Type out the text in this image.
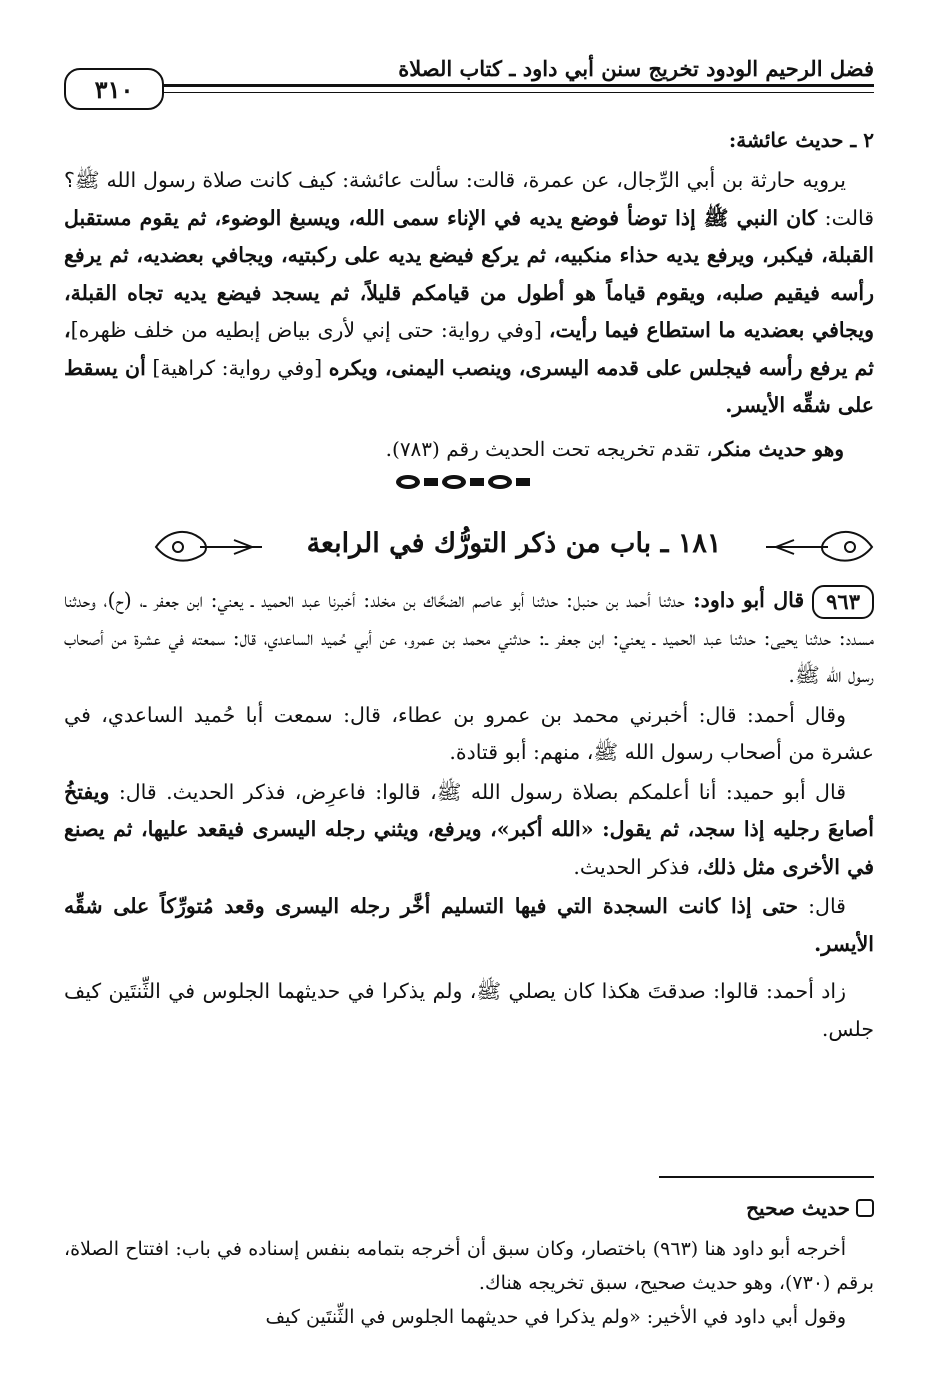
فضل الرحيم الودود تخريج سنن أبي داود ـ كتاب الصلاة
٣١٠
٢ ـ حديث عائشة:

يرويه حارثة بن أبي الرِّجال، عن عمرة، قالت: سألت عائشة: كيف كانت صلاة رسول الله ﷺ؟ قالت: كان النبي ﷺ إذا توضأ فوضع يديه في الإناء سمى الله، ويسبغ الوضوء، ثم يقوم مستقبل القبلة، فيكبر، ويرفع يديه حذاء منكبيه، ثم يركع فيضع يديه على ركبتيه، ويجافي بعضديه، ثم يرفع رأسه فيقيم صلبه، ويقوم قياماً هو أطول من قيامكم قليلاً، ثم يسجد فيضع يديه تجاه القبلة، ويجافي بعضديه ما استطاع فيما رأيت، [وفي رواية: حتى إني لأرى بياض إبطيه من خلف ظهره]، ثم يرفع رأسه فيجلس على قدمه اليسرى، وينصب اليمنى، ويكره [وفي رواية: كراهية] أن يسقط على شقِّه الأيسر.

وهو حديث منكر، تقدم تخريجه تحت الحديث رقم (٧٨٣).
١٨١ ـ باب من ذكر التورُّك في الرابعة

٩٦٣قال أبو داود: حدثنا أحمد بن حنبل: حدثنا أبو عاصم الضحَّاك بن مخلد: أخبرنا عبد الحميد ـ يعني: ابن جعفر ـ، (ح)، وحدثنا مسدد: حدثنا يحيى: حدثنا عبد الحميد ـ يعني: ابن جعفر ـ: حدثني محمد بن عمرو، عن أبي حُميد الساعدي، قال: سمعته في عشرة من أصحاب رسول الله ﷺ.

وقال أحمد: قال: أخبرني محمد بن عمرو بن عطاء، قال: سمعت أبا حُميد الساعدي، في عشرة من أصحاب رسول الله ﷺ، منهم: أبو قتادة.

قال أبو حميد: أنا أعلمكم بصلاة رسول الله ﷺ، قالوا: فاعرِض، فذكر الحديث. قال: ويفتخُ أصابعَ رجليه إذا سجد، ثم يقول: «الله أكبر»، ويرفع، ويثني رجله اليسرى فيقعد عليها، ثم يصنع في الأخرى مثل ذلك، فذكر الحديث.

قال: حتى إذا كانت السجدة التي فيها التسليم أخَّر رجله اليسرى وقعد مُتورِّكاً على شقِّه الأيسر.

زاد أحمد: قالوا: صدقتَ هكذا كان يصلي ﷺ، ولم يذكرا في حديثهما الجلوس في الثِّنتَين كيف جلس.

حديث صحيح

أخرجه أبو داود هنا (٩٦٣) باختصار، وكان سبق أن أخرجه بتمامه بنفس إسناده في باب: افتتاح الصلاة، برقم (٧٣٠)، وهو حديث صحيح، سبق تخريجه هناك.

وقول أبي داود في الأخير: «ولم يذكرا في حديثهما الجلوس في الثِّنتَين كيف
